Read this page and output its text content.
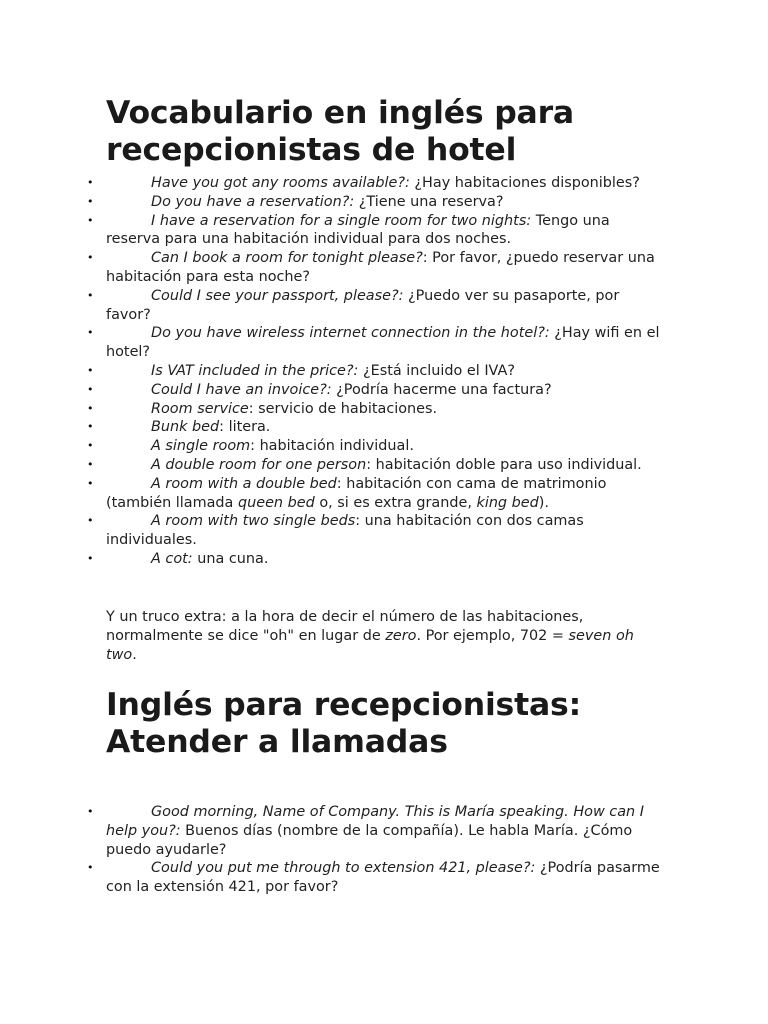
Vocabulario en inglés para recepcionistas de hotel
•	Have you got any rooms available?: ¿Hay habitaciones disponibles?
•	Do you have a reservation?: ¿Tiene una reserva?
•	I have a reservation for a single room for two nights: Tengo una reserva para una habitación individual para dos noches.
•	Can I book a room for tonight please?: Por favor, ¿puedo reservar una habitación para esta noche?
•	Could I see your passport, please?: ¿Puedo ver su pasaporte, por favor?
•	Do you have wireless internet connection in the hotel?: ¿Hay wifi en el hotel?
•	Is VAT included in the price?: ¿Está incluido el IVA?
•	Could I have an invoice?: ¿Podría hacerme una factura?
•	Room service: servicio de habitaciones.
•	Bunk bed: litera.
•	A single room: habitación individual.
•	A double room for one person: habitación doble para uso individual.
•	A room with a double bed: habitación con cama de matrimonio (también llamada queen bed o, si es extra grande, king bed).
•	A room with two single beds: una habitación con dos camas individuales.
•	A cot: una cuna.

Y un truco extra: a la hora de decir el número de las habitaciones, normalmente se dice "oh" en lugar de zero. Por ejemplo, 702 = seven oh two.

Inglés para recepcionistas: Atender a llamadas
•	Good morning, Name of Company. This is María speaking. How can I help you?: Buenos días (nombre de la compañía). Le habla María. ¿Cómo puedo ayudarle?
•	Could you put me through to extension 421, please?: ¿Podría pasarme con la extensión 421, por favor?
